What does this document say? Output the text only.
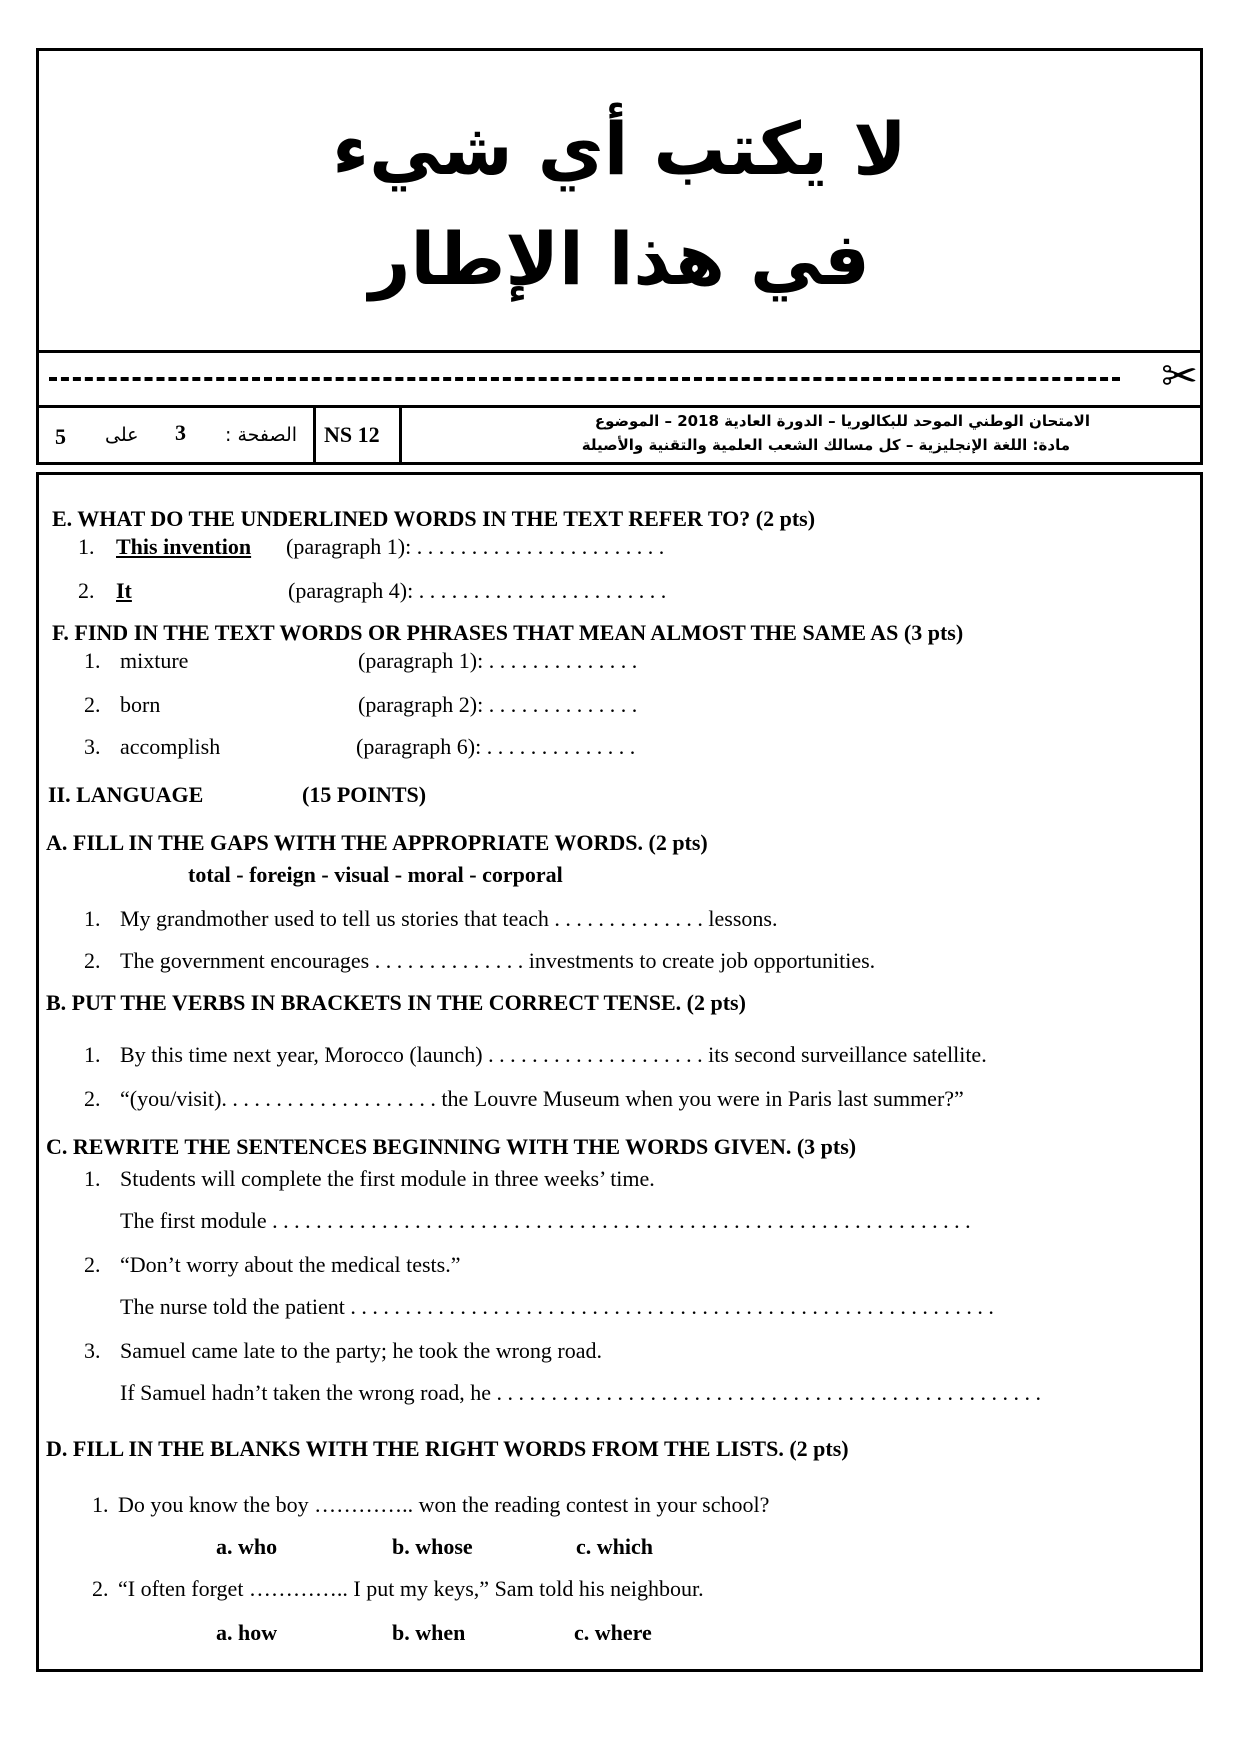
لا يكتب أي شيء
في هذا الإطار
✂
5 على 3 الصفحة : NS 12
الامتحان الوطني الموحد للبكالوريا – الدورة العادية 2018 – الموضوع
مادة: اللغة الإنجليزية – كل مسالك الشعب العلمية والتقنية والأصيلة
E. WHAT DO THE UNDERLINED WORDS IN THE TEXT REFER TO? (2 pts)
1. This invention (paragraph 1): . . . . . . . . . . . . . . . . . . . . . . .
2. It	(paragraph 4): . . . . . . . . . . . . . . . . . . . . . . .
F. FIND IN THE TEXT WORDS OR PHRASES THAT MEAN ALMOST THE SAME AS (3 pts)
1. mixture	(paragraph 1): . . . . . . . . . . . . . .
2. born	(paragraph 2): . . . . . . . . . . . . . .
3. accomplish	(paragraph 6): . . . . . . . . . . . . . .
II. LANGUAGE	(15 POINTS)
A. FILL IN THE GAPS WITH THE APPROPRIATE WORDS. (2 pts)
total - foreign - visual - moral - corporal
1. My grandmother used to tell us stories that teach . . . . . . . . . . . . . . lessons.
2. The government encourages . . . . . . . . . . . . . . investments to create job opportunities.
B. PUT THE VERBS IN BRACKETS IN THE CORRECT TENSE. (2 pts)
1. By this time next year, Morocco (launch) . . . . . . . . . . . . . . . . . . . . its second surveillance satellite.
2. “(you/visit). . . . . . . . . . . . . . . . . . . . the Louvre Museum when you were in Paris last summer?”
C. REWRITE THE SENTENCES BEGINNING WITH THE WORDS GIVEN. (3 pts)
1. Students will complete the first module in three weeks’ time.
The first module . . . . . . . . . . . . . . . . . . . . . . . . . . . . . . . . . . . . . . . . . . . . . . . . . . . . . . . . . . . . . . . .
2. “Don’t worry about the medical tests.”
The nurse told the patient . . . . . . . . . . . . . . . . . . . . . . . . . . . . . . . . . . . . . . . . . . . . . . . . . . . . . . . . . . .
3. Samuel came late to the party; he took the wrong road.
If Samuel hadn’t taken the wrong road, he . . . . . . . . . . . . . . . . . . . . . . . . . . . . . . . . . . . . . . . . . . . . . . . . . .
D. FILL IN THE BLANKS WITH THE RIGHT WORDS FROM THE LISTS. (2 pts)
1. Do you know the boy ………….. won the reading contest in your school?
a. who	b. whose	c. which
2. “I often forget ………….. I put my keys,” Sam told his neighbour.
a. how	b. when	c. where
